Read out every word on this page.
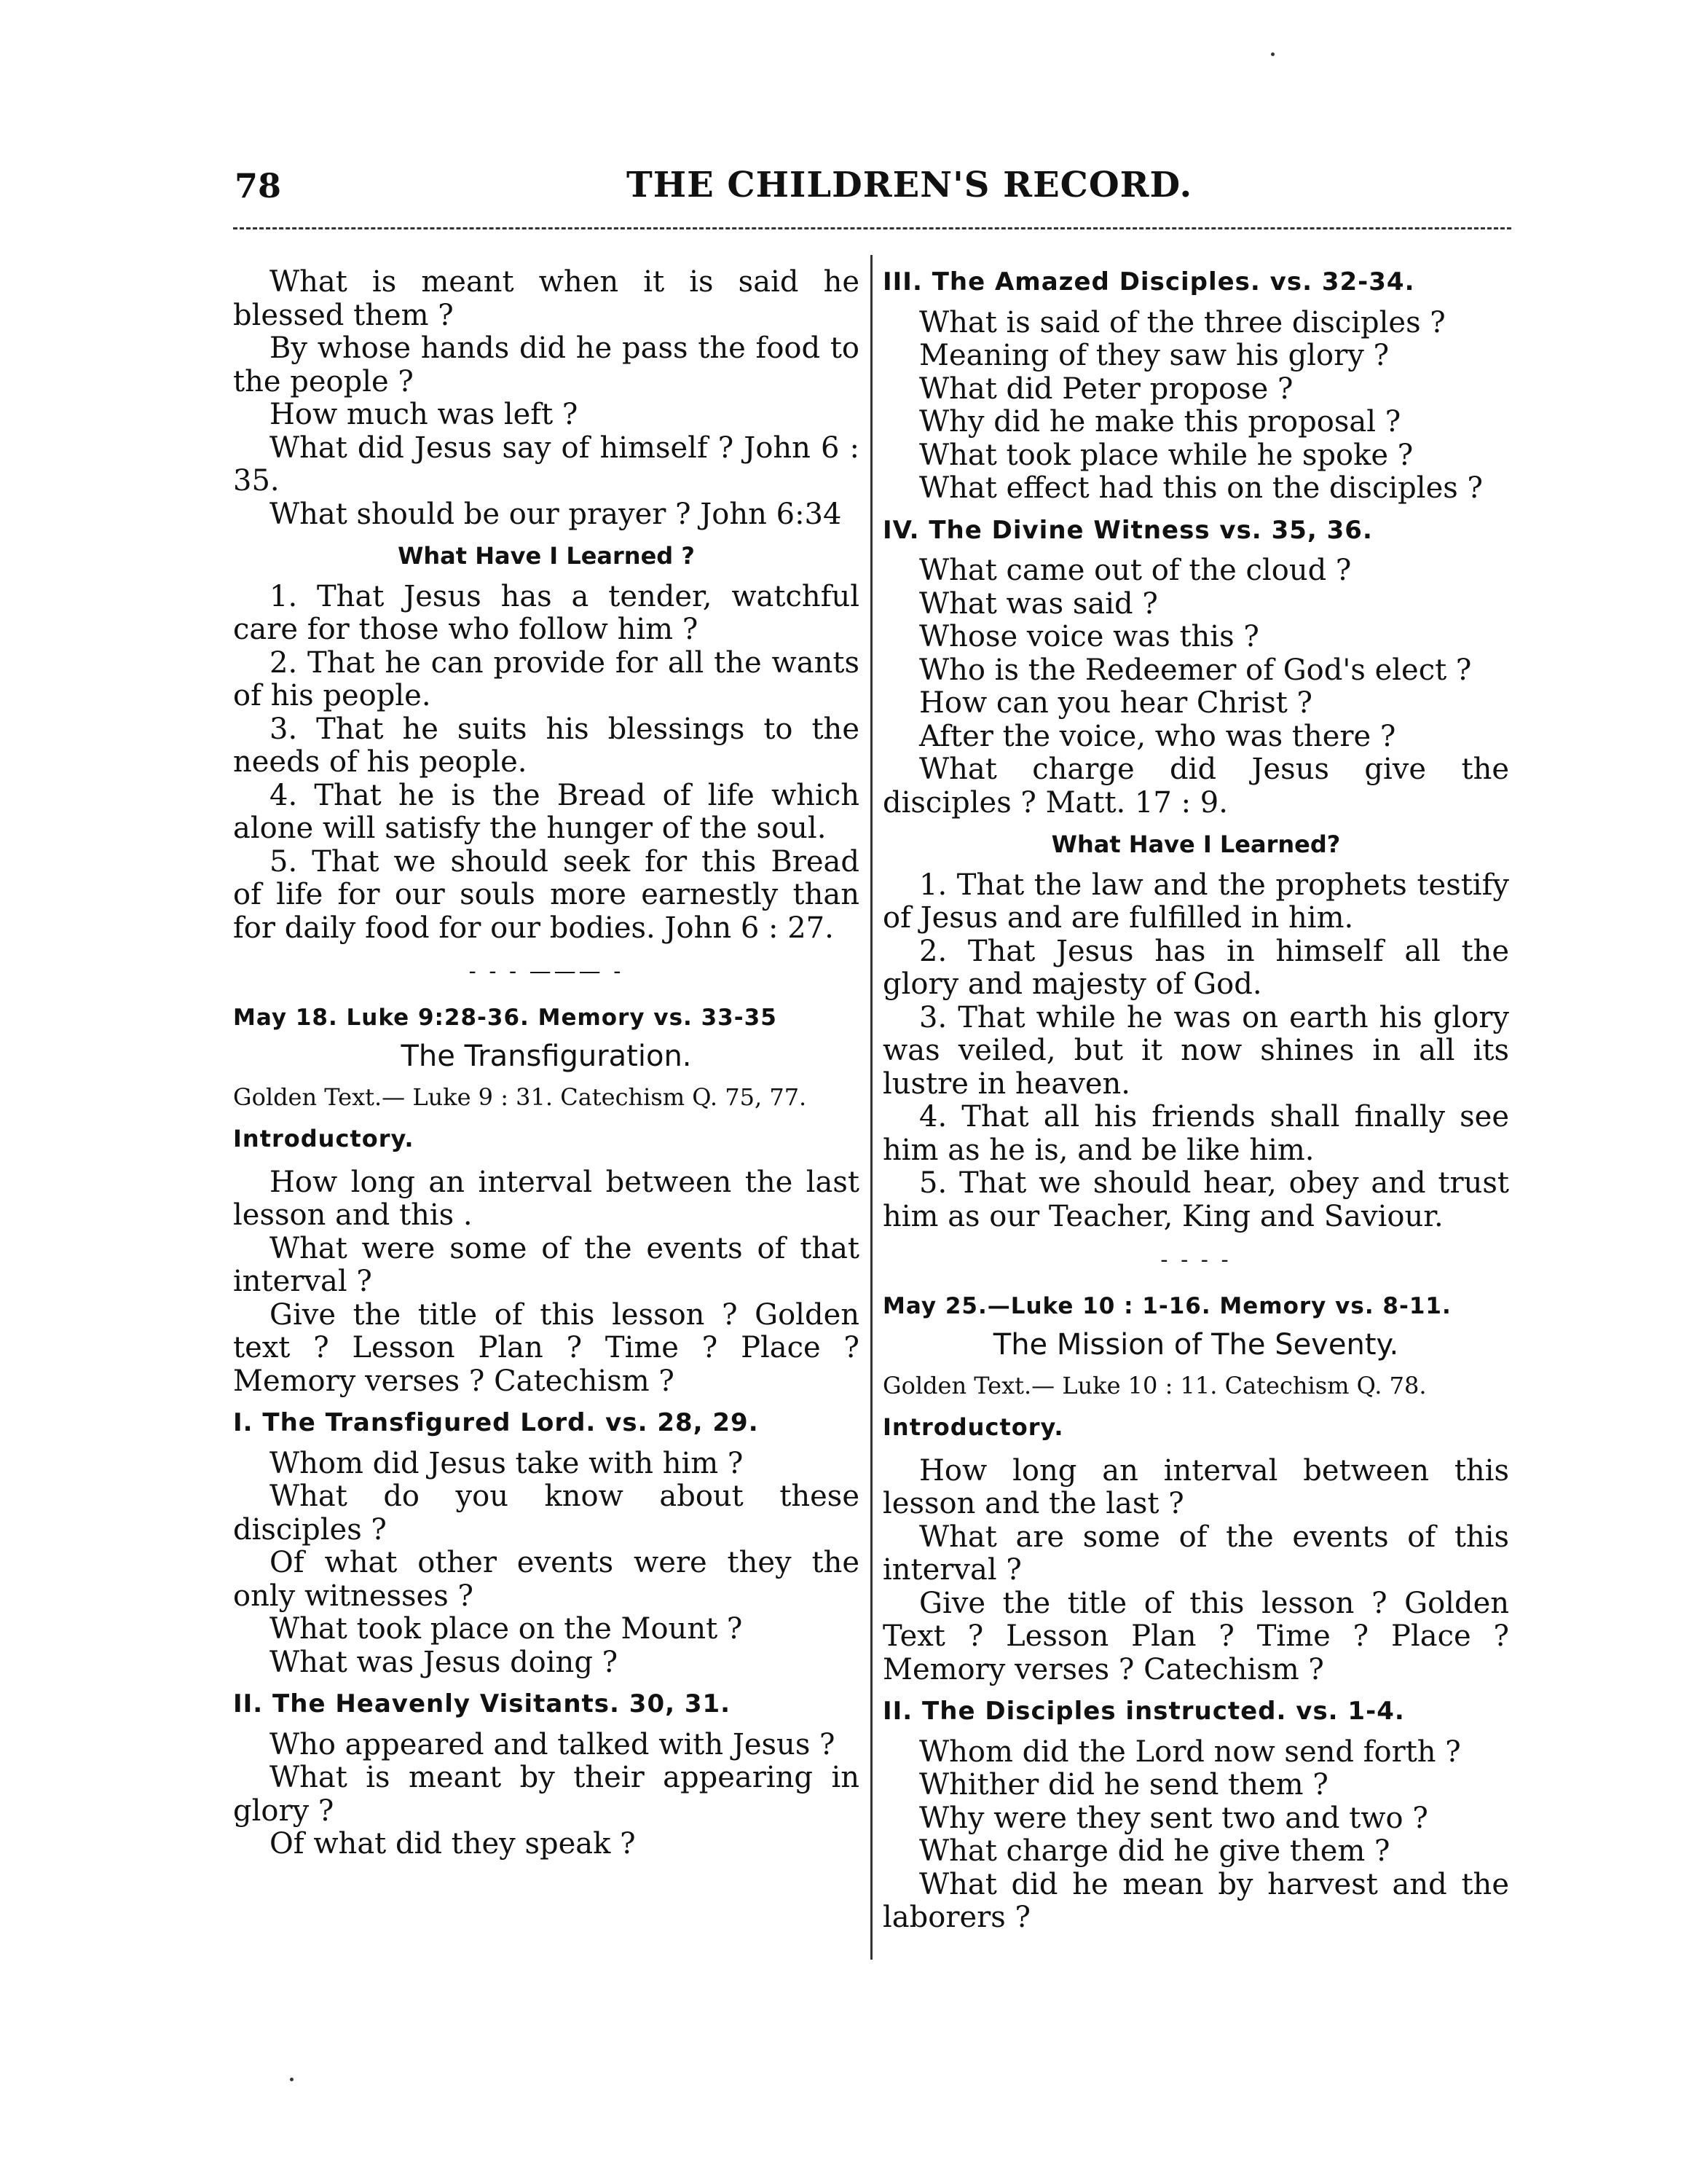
78	THE CHILDREN'S RECORD.

What is meant when it is said he blessed them ?

By whose hands did he pass the food to the people ?

How much was left ?

What did Jesus say of himself ? John 6 : 35.

What should be our prayer ? John 6:34

What Have I Learned ?

1. That Jesus has a tender, watchful care for those who follow him ?

2. That he can provide for all the wants of his people.

3. That he suits his blessings to the needs of his people.

4. That he is the Bread of life which alone will satisfy the hunger of the soul.

5. That we should seek for this Bread of life for our souls more earnestly than for daily food for our bodies. John 6 : 27.

- - - ——— -
May 18. Luke 9:28-36. Memory vs. 33-35
The Transfiguration.
Golden Text.— Luke 9 : 31. Catechism Q. 75, 77.
Introductory.

How long an interval between the last lesson and this .

What were some of the events of that interval ?

Give the title of this lesson ? Golden text ? Lesson Plan ? Time ? Place ? Memory verses ? Catechism ?

I. The Transfigured Lord. vs. 28, 29.

Whom did Jesus take with him ?

What do you know about these disciples ?

Of what other events were they the only witnesses ?

What took place on the Mount ?

What was Jesus doing ?

II. The Heavenly Visitants. 30, 31.

Who appeared and talked with Jesus ?

What is meant by their appearing in glory ?

Of what did they speak ?

III. The Amazed Disciples. vs. 32-34.

What is said of the three disciples ?

Meaning of they saw his glory ?

What did Peter propose ?

Why did he make this proposal ?

What took place while he spoke ?

What effect had this on the disciples ?

IV. The Divine Witness vs. 35, 36.

What came out of the cloud ?

What was said ?

Whose voice was this ?

Who is the Redeemer of God's elect ?

How can you hear Christ ?

After the voice, who was there ?

What charge did Jesus give the disciples ? Matt. 17 : 9.

What Have I Learned?

1. That the law and the prophets testify of Jesus and are fulfilled in him.

2. That Jesus has in himself all the glory and majesty of God.

3. That while he was on earth his glory was veiled, but it now shines in all its lustre in heaven.

4. That all his friends shall finally see him as he is, and be like him.

5. That we should hear, obey and trust him as our Teacher, King and Saviour.

- - - -
May 25.—Luke 10 : 1-16. Memory vs. 8-11.
The Mission of The Seventy.
Golden Text.— Luke 10 : 11. Catechism Q. 78.
Introductory.

How long an interval between this lesson and the last ?

What are some of the events of this interval ?

Give the title of this lesson ? Golden Text ? Lesson Plan ? Time ? Place ? Memory verses ? Catechism ?

II. The Disciples instructed. vs. 1-4.

Whom did the Lord now send forth ?

Whither did he send them ?

Why were they sent two and two ?

What charge did he give them ?

What did he mean by harvest and the laborers ?
